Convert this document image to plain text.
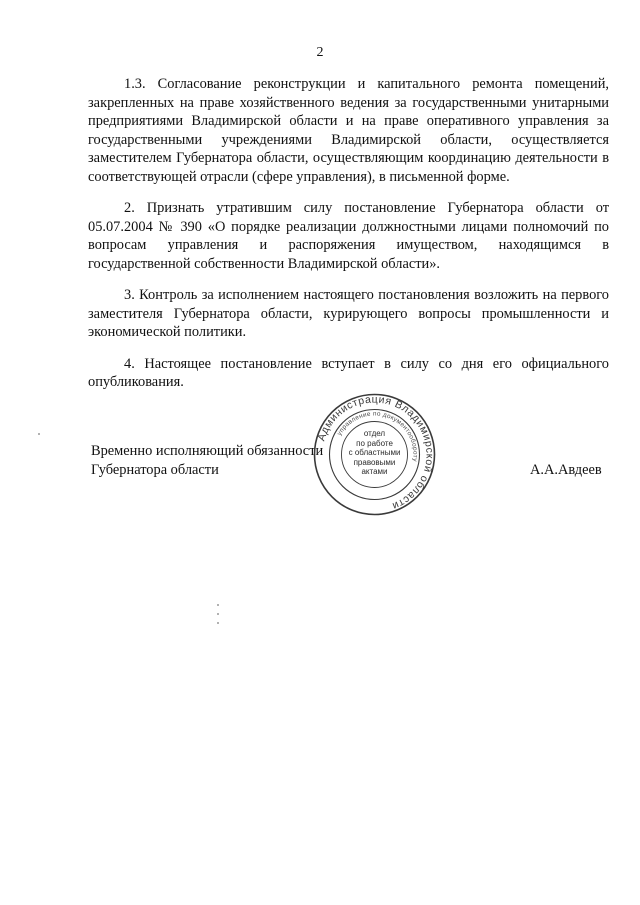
2

1.3. Согласование реконструкции и капитального ремонта помещений, закрепленных на праве хозяйственного ведения за государственными унитарными предприятиями Владимирской области и на праве оперативного управления за государственными учреждениями Владимирской области, осуществляется заместителем Губернатора области, осуществляющим координацию деятельности в соответствующей отрасли (сфере управления), в письменной форме.

2. Признать утратившим силу постановление Губернатора области от 05.07.2004 № 390 «О порядке реализации должностными лицами полномочий по вопросам управления и распоряжения имуществом, находящимся в государственной собственности Владимирской области».

3. Контроль за исполнением настоящего постановления возложить на первого заместителя Губернатора области, курирующего вопросы промышленности и экономической политики.

4. Настоящее постановление вступает в силу со дня его официального опубликования.

Временно исполняющий обязанности
Губернатора области	А.А.Авдеев
Администрация Владимирской области
управление по документообороту
отдел
по работе
с областными
правовыми
актами
